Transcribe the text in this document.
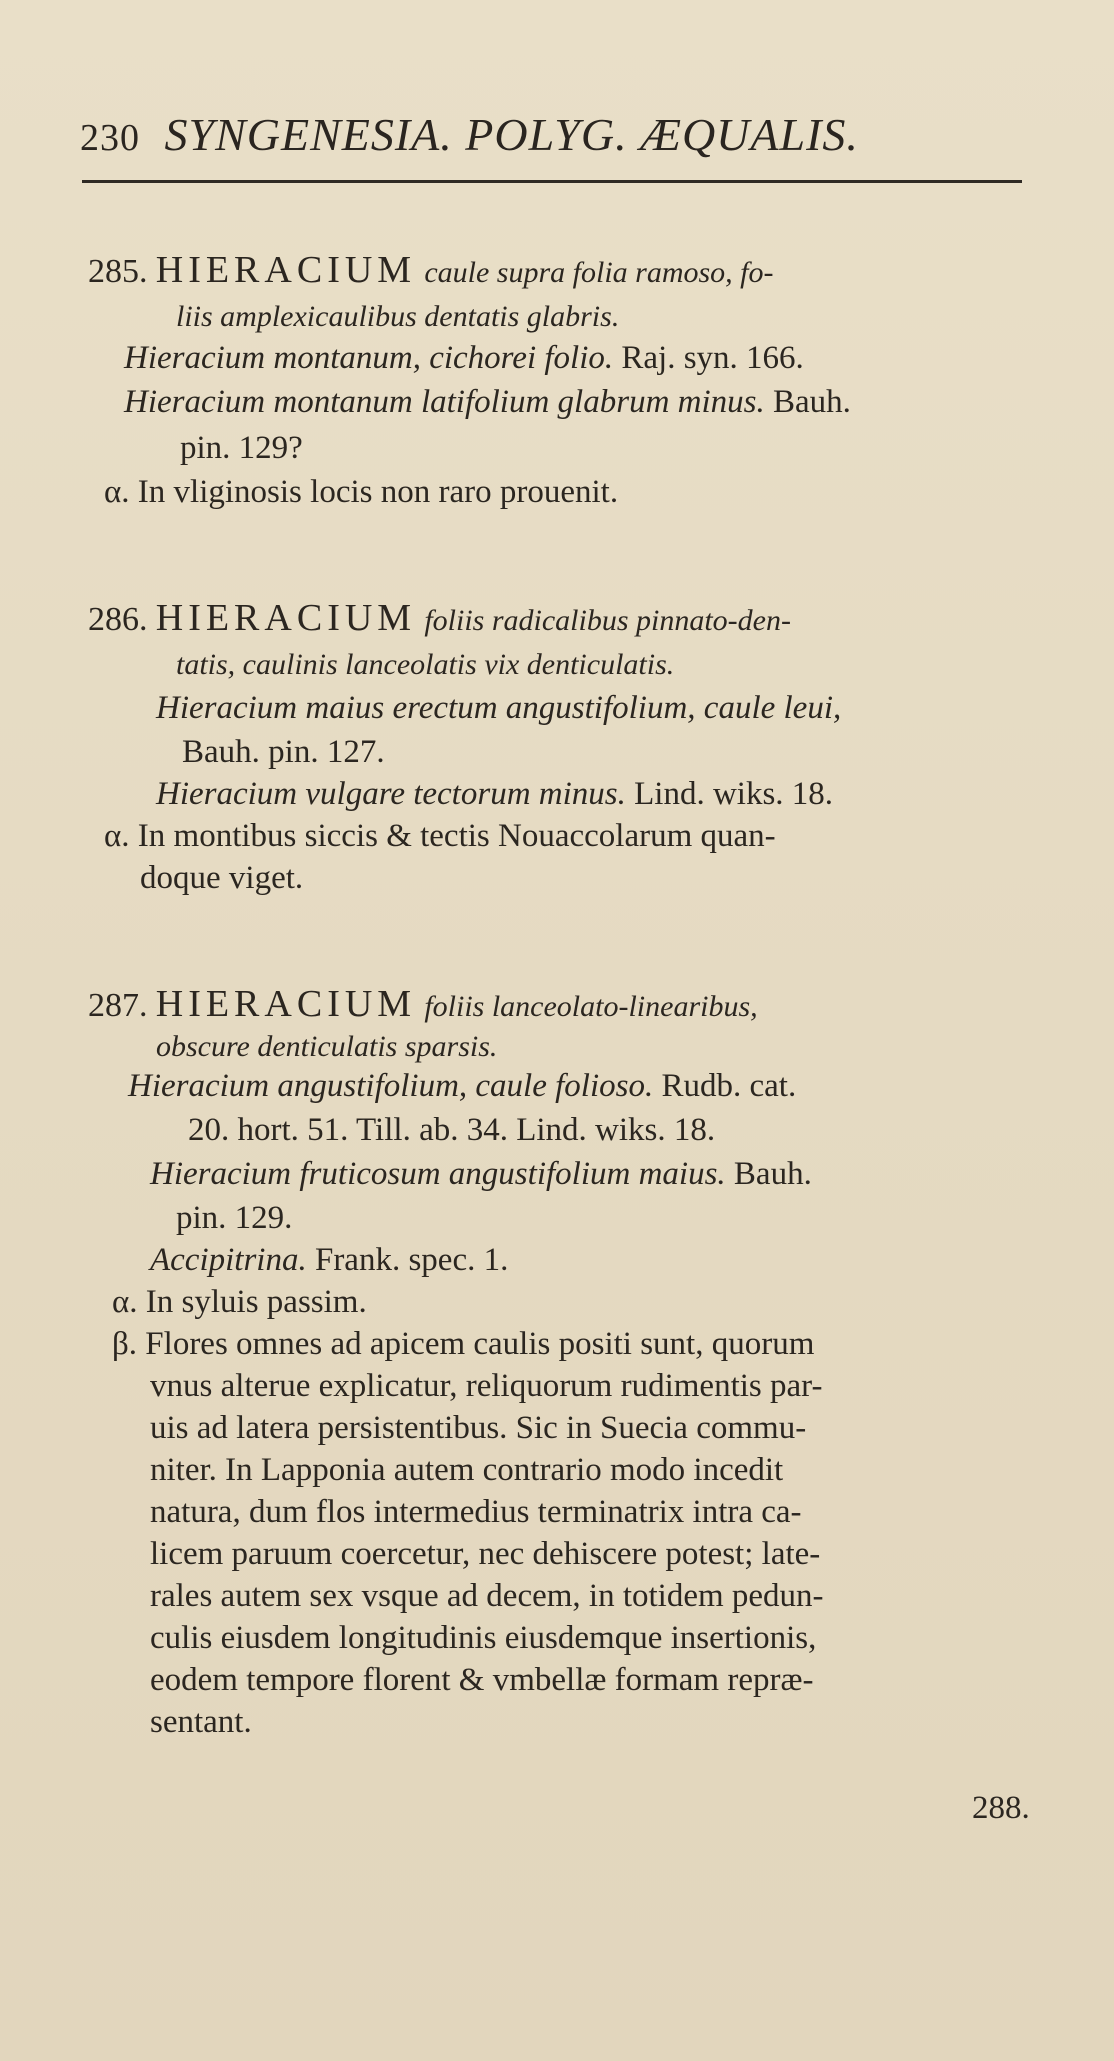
230 SYNGENESIA. POLYG. ÆQUALIS.
285. HIERACIUM caule supra folia ramoso, fo-
liis amplexicaulibus dentatis glabris.
Hieracium montanum, cichorei folio. Raj. syn. 166.
Hieracium montanum latifolium glabrum minus. Bauh.
pin. 129?
α. In vliginosis locis non raro prouenit.
286. HIERACIUM foliis radicalibus pinnato-den-
tatis, caulinis lanceolatis vix denticulatis.
Hieracium maius erectum angustifolium, caule leui,
Bauh. pin. 127.
Hieracium vulgare tectorum minus. Lind. wiks. 18.
α. In montibus siccis & tectis Nouaccolarum quan-
doque viget.
287. HIERACIUM foliis lanceolato-linearibus,
obscure denticulatis sparsis.
Hieracium angustifolium, caule folioso. Rudb. cat.
20. hort. 51. Till. ab. 34. Lind. wiks. 18.
Hieracium fruticosum angustifolium maius. Bauh.
pin. 129.
Accipitrina. Frank. spec. 1.
α. In syluis passim.
β. Flores omnes ad apicem caulis positi sunt, quorum
vnus alterue explicatur, reliquorum rudimentis par-
uis ad latera persistentibus. Sic in Suecia commu-
niter. In Lapponia autem contrario modo incedit
natura, dum flos intermedius terminatrix intra ca-
licem paruum coercetur, nec dehiscere potest; late-
rales autem sex vsque ad decem, in totidem pedun-
culis eiusdem longitudinis eiusdemque insertionis,
eodem tempore florent & vmbellæ formam repræ-
sentant.
288.
